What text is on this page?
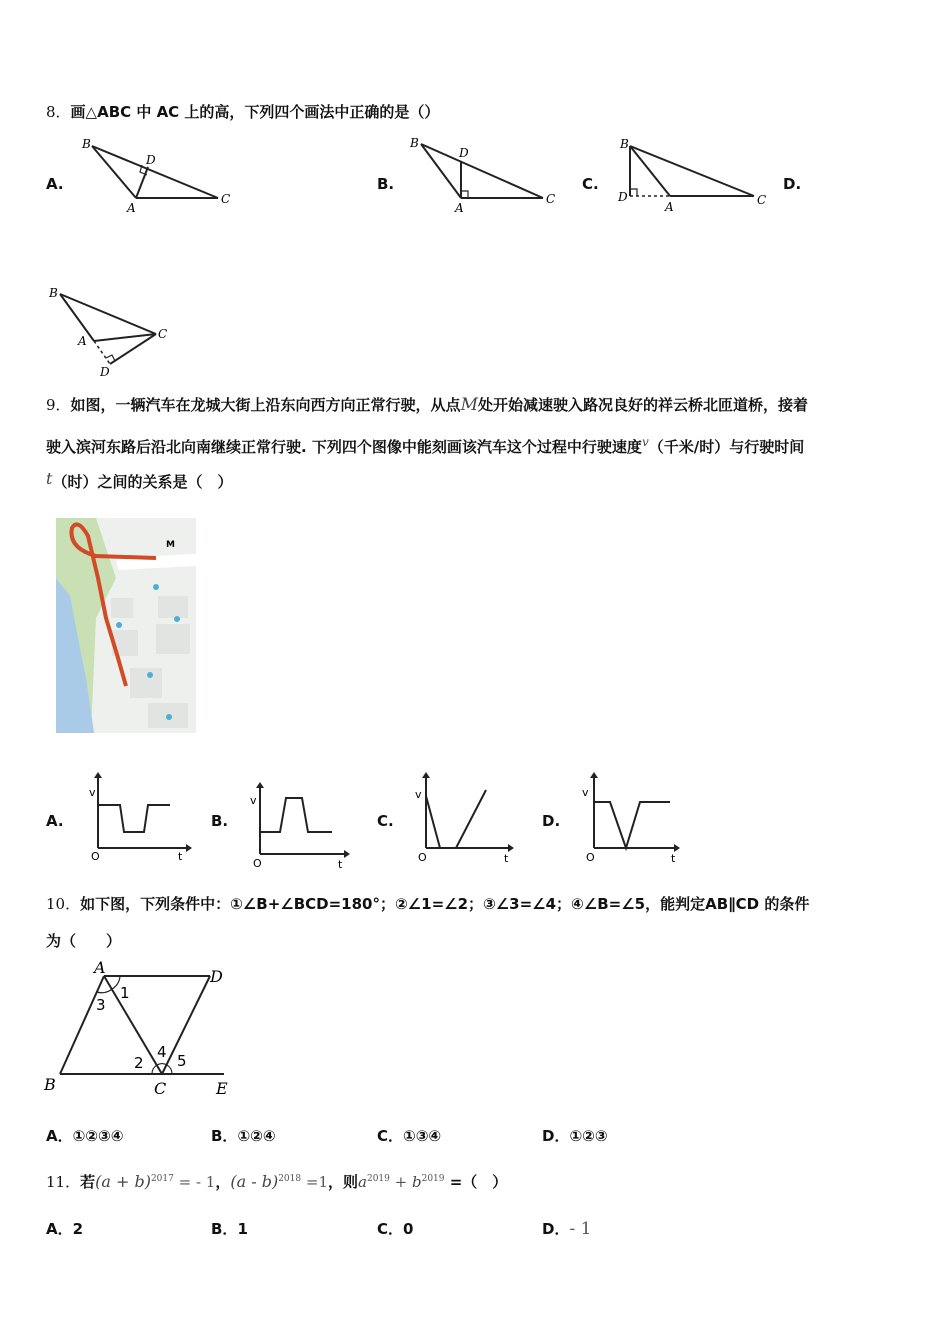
8．画△ABC 中 AC 上的高，下列四个画法中正确的是（）
A.
B
D
A
C
B.
B
D
A
C
C.
B
D
A	C
D.
B
A	C
D
9．如图，一辆汽车在龙城大街上沿东向西方向正常行驶，从点M处开始减速驶入路况良好的祥云桥北匝道桥，接着
驶入滨河东路后沿北向南继续正常行驶. 下列四个图像中能刻画该汽车这个过程中行驶速度$^v$（千米/时）与行驶时间
t（时）之间的关系是（　）
M
A.
v
t
O
B.
v
t
O
C.
v
t
O
D.
v
t
O
10．如下图，下列条件中：①∠B+∠BCD=180°；②∠1=∠2；③∠3=∠4；④∠B=∠5，能判定AB∥CD 的条件
为（　　）
A	D
B	C	E
1
3
2
4 5
A．①②③④	B．①②④	C．①③④	D．①②③
11．若$(a + b)^{2017}$ = - 1，(a - b)$^{2018}$ =1，则$a^{2019} + b^{2019}$ =（　）
A．2	B．1	C．0	D．- 1
